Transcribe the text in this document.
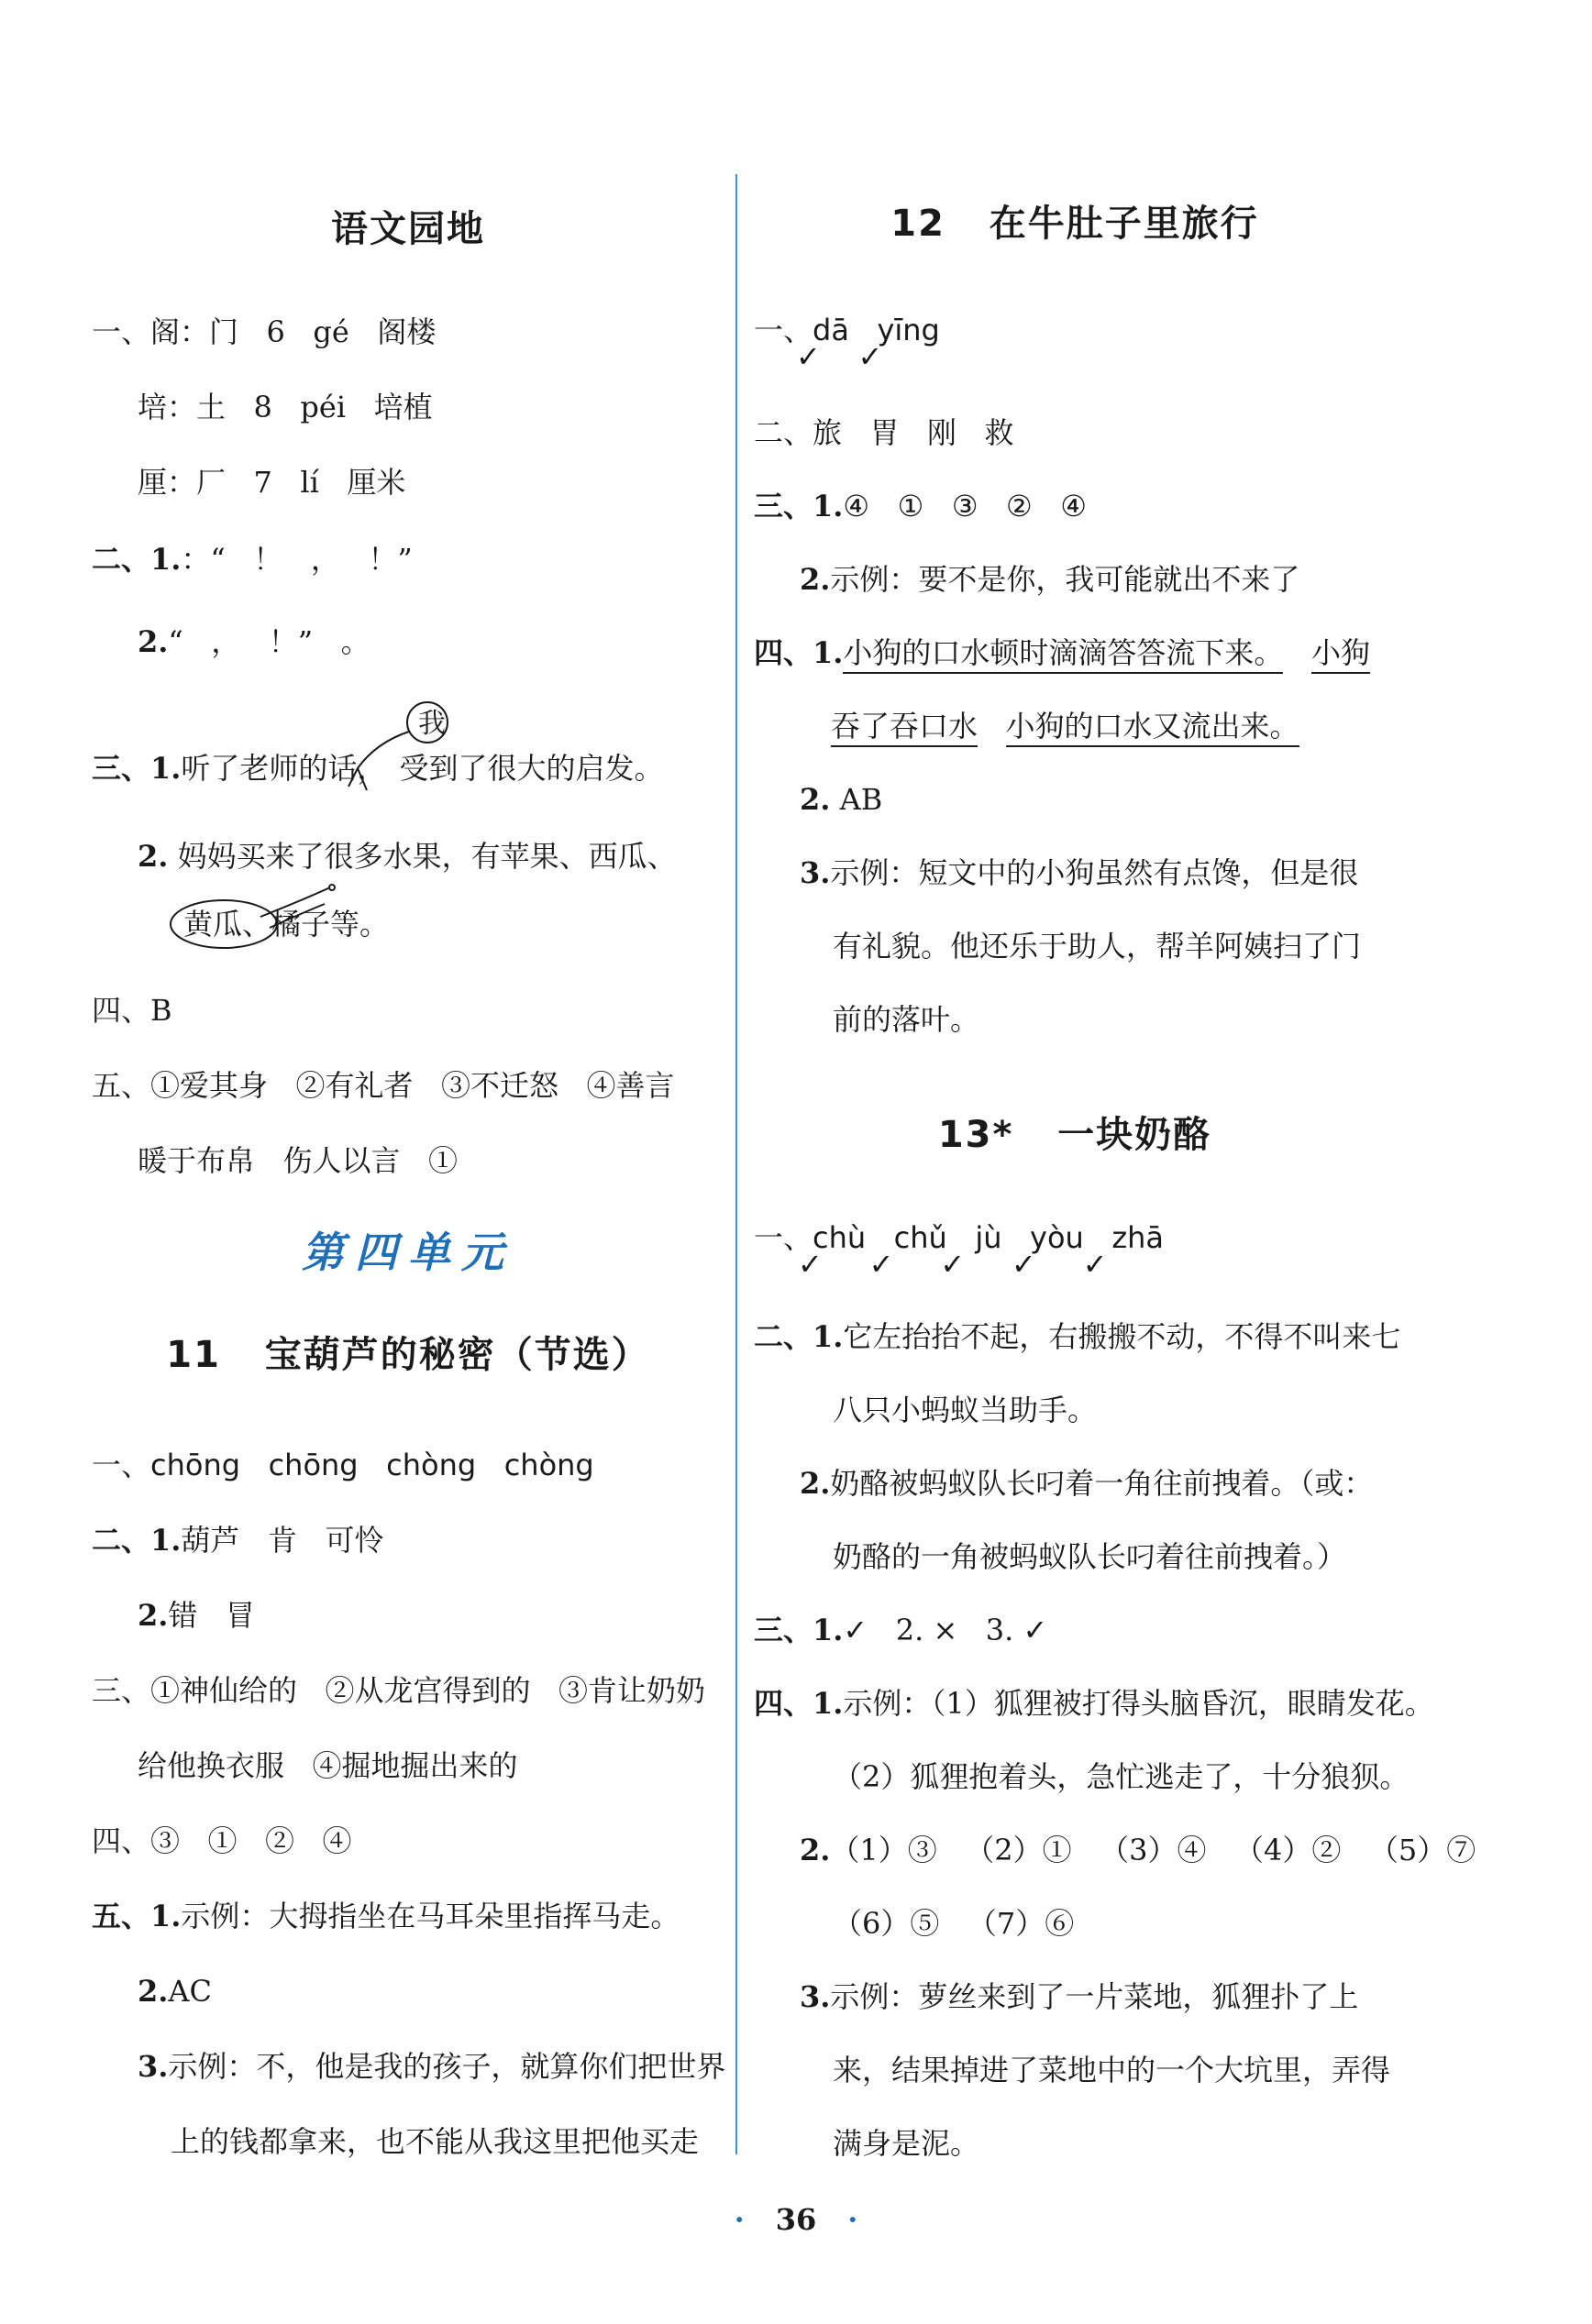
语文园地
一、阁：门   6   gé   阁楼
培：土   8   péi   培植
厘：厂   7   lí   厘米
二、1.：“   ！   ，   ！”
2.“   ，   ！”   。
三、1.听了老师的话， 受到了很大的启发。
我
2. 妈妈买来了很多水果，有苹果、西瓜、
黄瓜、橘子等。
四、B
五、①爱其身   ②有礼者   ③不迁怒   ④善言
暖于布帛   伤人以言   ①
第四单元
11 宝葫芦的秘密（节选）
一、chōng   chōng   chòng   chòng
二、1.葫芦   肯   可怜
2.错   冒
三、①神仙给的   ②从龙宫得到的   ③肯让奶奶
给他换衣服   ④掘地掘出来的
四、③   ①   ②   ④
五、1.示例：大拇指坐在马耳朵里指挥马走。
2.AC
3.示例：不，他是我的孩子，就算你们把世界
上的钱都拿来，也不能从我这里把他买走
12 在牛肚子里旅行
一、dā   yīng
✓    ✓
二、旅   胃   刚   救
三、1.④   ①   ③   ②   ④
2.示例：要不是你，我可能就出不来了
四、1.小狗的口水顿时滴滴答答流下来。 小狗
吞了吞口水 小狗的口水又流出来。
2. AB
3.示例：短文中的小狗虽然有点馋，但是很
有礼貌。他还乐于助人，帮羊阿姨扫了门
前的落叶。
13* 一块奶酪
一、chù   chǔ   jù   yòu   zhā
✓     ✓     ✓     ✓     ✓
二、1.它左抬抬不起，右搬搬不动，不得不叫来七
八只小蚂蚁当助手。
2.奶酪被蚂蚁队长叼着一角往前拽着。（或：
奶酪的一角被蚂蚁队长叼着往前拽着。）
三、1.✓   2. ×   3. ✓
四、1.示例：（1）狐狸被打得头脑昏沉，眼睛发花。
（2）狐狸抱着头，急忙逃走了，十分狼狈。
2.（1）③   （2）①   （3）④   （4）②   （5）⑦
（6）⑤   （7）⑥
3.示例：萝丝来到了一片菜地，狐狸扑了上
来，结果掉进了菜地中的一个大坑里，弄得
满身是泥。
· 36 ·
